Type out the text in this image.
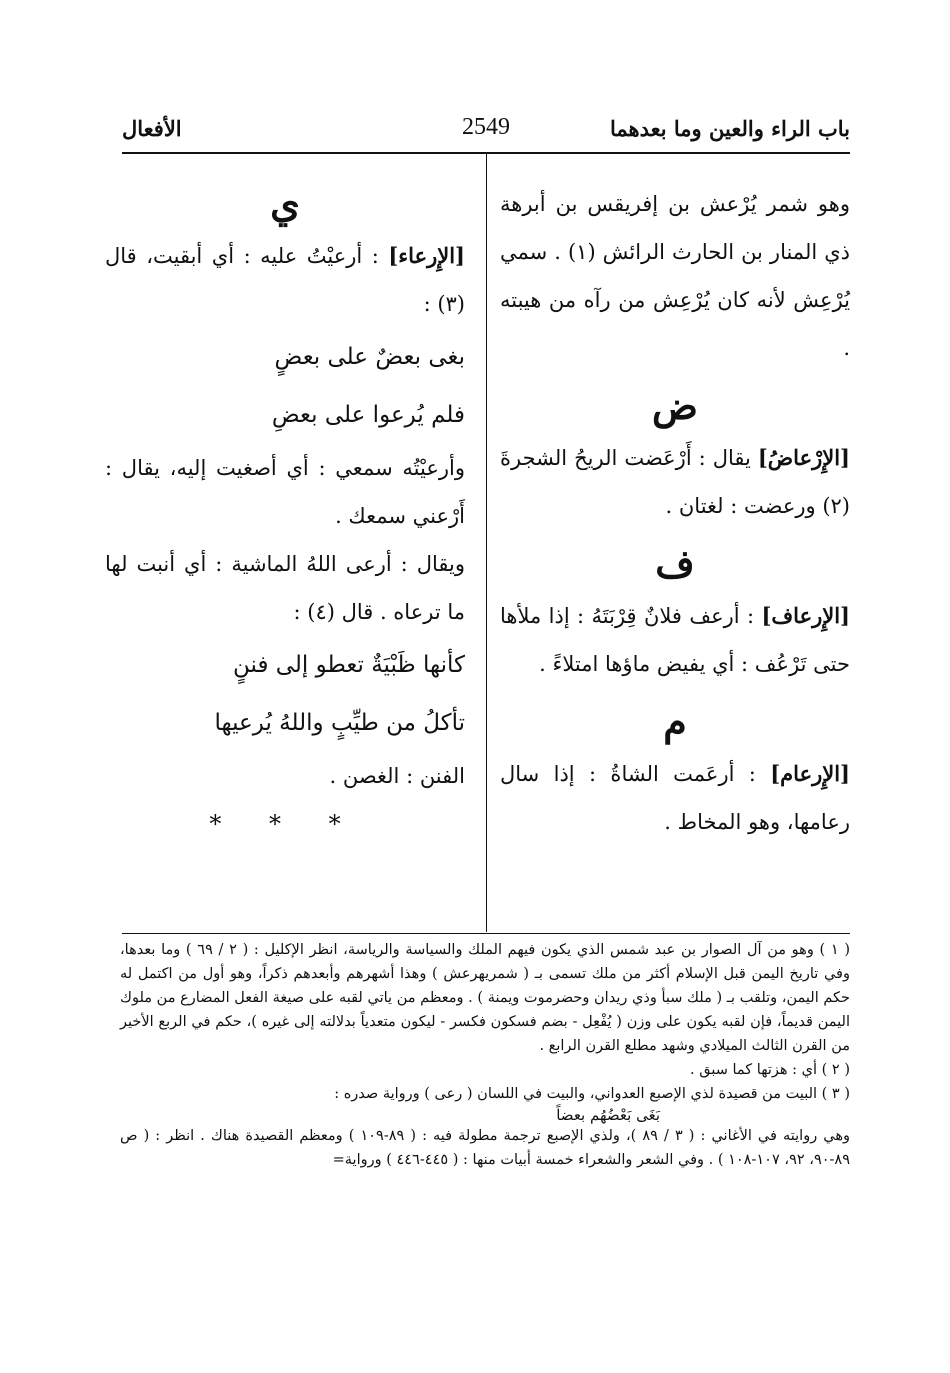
باب الراء والعين وما بعدهما
2549
الأفعال

وهو شمر يُرْعش بن إفريقس بن أبرهة ذي المنار بن الحارث الرائش (١) . سمي يُرْعِش لأنه كان يُرْعِش من رآه من هيبته .

ض

[الإِرْعاضُ] يقال : أَرْعَضت الريحُ الشجرةَ (٢) ورعضت : لغتان .

ف

[الإِرعاف] : أرعف فلانٌ قِرْبَتَهُ : إذا ملأها حتى تَرْعُف : أي يفيض ماؤها امتلاءً .

م

[الإِرعام] : أرعَمت الشاةُ : إذا سال رعامها، وهو المخاط .

ي

[الإِرعاء] : أرعيْتُ عليه : أي أبقيت، قال (٣) :

بغى بعضٌ على بعضٍ

فلم يُرعوا على بعضِ

وأرعيْتُه سمعي : أي أصغيت إليه، يقال : أَرْعني سمعك .

ويقال : أرعى اللهُ الماشية : أي أنبت لها ما ترعاه . قال (٤) :

كأنها ظَبْيَةٌ تعطو إلى فننٍ

تأكلُ من طيِّبٍ واللهُ يُرعيها

الفنن : الغصن .

* * *

( ١ ) وهو من آل الصوار بن عبد شمس الذي يكون فيهم الملك والسياسة والرياسة، انظر الإكليل : ( ٢ / ٦٩ ) وما بعدها، وفي تاريخ اليمن قبل الإسلام أكثر من ملك تسمى بـ ( شمريهرعش ) وهذا أشهرهم وأبعدهم ذكراً، وهو أول من اكتمل له حكم اليمن، وتلقب بـ ( ملك سبأ وذي ريدان وحضرموت ويمنة ) . ومعظم من ياتي لقبه على صيغة الفعل المضارع من ملوك اليمن قديماً، فإن لقبه يكون على وزن ( يُفْعِل - بضم فسكون فكسر - ليكون متعدياً بدلالته إلى غيره )، حكم في الربع الأخير من القرن الثالث الميلادي وشهد مطلع القرن الرابع .

( ٢ ) أي : هزتها كما سبق .

( ٣ ) البيت من قصيدة لذي الإصبع العدواني، والبيت في اللسان ( رعى ) ورواية صدره :

بَغَى بَعْضُهُم بعضاً

وهي روايته في الأغاني : ( ٣ / ٨٩ )، ولذي الإصبع ترجمة مطولة فيه : ( ٨٩-١٠٩ ) ومعظم القصيدة هناك . انظر : ( ص ٨٩-٩٠، ٩٢، ١٠٧-١٠٨ ) . وفي الشعر والشعراء خمسة أبيات منها : ( ٤٤٥-٤٤٦ ) ورواية=
